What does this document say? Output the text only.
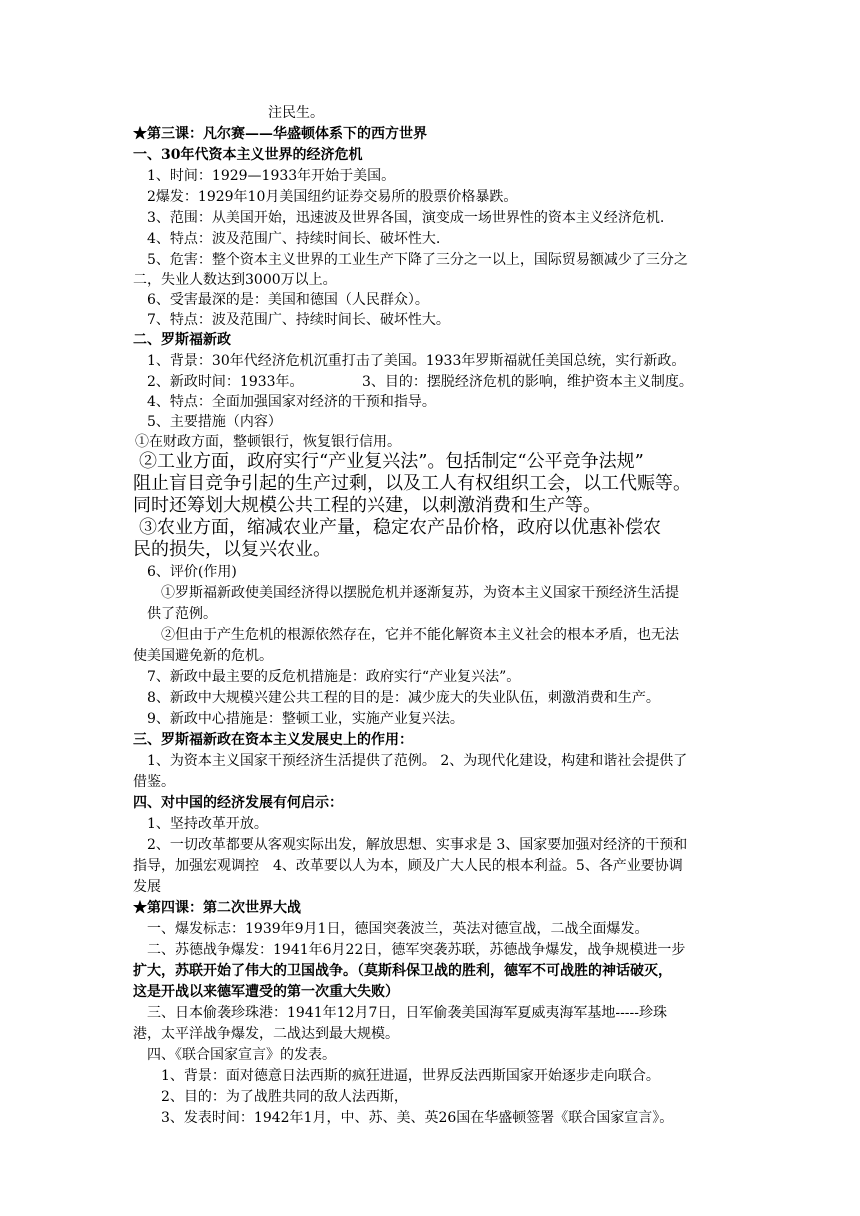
注民生。
★第三课：凡尔赛——华盛顿体系下的西方世界
一、30年代资本主义世界的经济危机
1、时间：1929—1933年开始于美国。
2爆发：1929年10月美国纽约证券交易所的股票价格暴跌。
3、范围：从美国开始，迅速波及世界各国，演变成一场世界性的资本主义经济危机.
4、特点：波及范围广、持续时间长、破坏性大.
5、危害：整个资本主义世界的工业生产下降了三分之一以上，国际贸易额减少了三分之
二，失业人数达到3000万以上。
6、受害最深的是：美国和德国（人民群众）。
7、特点：波及范围广、持续时间长、破坏性大。
二、罗斯福新政
1、背景：30年代经济危机沉重打击了美国。1933年罗斯福就任美国总统，实行新政。
2、新政时间：1933年。	3、目的：摆脱经济危机的影响，维护资本主义制度。
4、特点：全面加强国家对经济的干预和指导。
5、主要措施（内容）
①在财政方面，整顿银行，恢复银行信用。
②工业方面，政府实行“产业复兴法”。包括制定“公平竞争法规”
阻止盲目竞争引起的生产过剩，以及工人有权组织工会，以工代赈等。
同时还筹划大规模公共工程的兴建，以刺激消费和生产等。
③农业方面，缩减农业产量，稳定农产品价格，政府以优惠补偿农
民的损失，以复兴农业。
6、评价(作用)
①罗斯福新政使美国经济得以摆脱危机并逐渐复苏，为资本主义国家干预经济生活提
供了范例。
②但由于产生危机的根源依然存在，它并不能化解资本主义社会的根本矛盾，也无法
使美国避免新的危机。
7、新政中最主要的反危机措施是：政府实行“产业复兴法”。
8、新政中大规模兴建公共工程的目的是：减少庞大的失业队伍，刺激消费和生产。
9、新政中心措施是：整顿工业，实施产业复兴法。
三、罗斯福新政在资本主义发展史上的作用：
1、为资本主义国家干预经济生活提供了范例。 2、为现代化建设，构建和谐社会提供了
借鉴。
四、对中国的经济发展有何启示：
1、坚持改革开放。
2、一切改革都要从客观实际出发，解放思想、实事求是 3、国家要加强对经济的干预和
指导，加强宏观调控　4、改革要以人为本，顾及广大人民的根本利益。5、各产业要协调
发展
★第四课：第二次世界大战
一、爆发标志：1939年9月1日，德国突袭波兰，英法对德宣战，二战全面爆发。
二、苏德战争爆发：1941年6月22日，德军突袭苏联，苏德战争爆发，战争规模进一步
扩大，苏联开始了伟大的卫国战争。（莫斯科保卫战的胜利，德军不可战胜的神话破灭，
这是开战以来德军遭受的第一次重大失败）
三、日本偷袭珍珠港：1941年12月7日，日军偷袭美国海军夏威夷海军基地-----珍珠
港，太平洋战争爆发，二战达到最大规模。
四、《联合国家宣言》的发表。
1、背景：面对德意日法西斯的疯狂进逼，世界反法西斯国家开始逐步走向联合。
2、目的：为了战胜共同的敌人法西斯，
3、发表时间：1942年1月，中、苏、美、英26国在华盛顿签署《联合国家宣言》。
